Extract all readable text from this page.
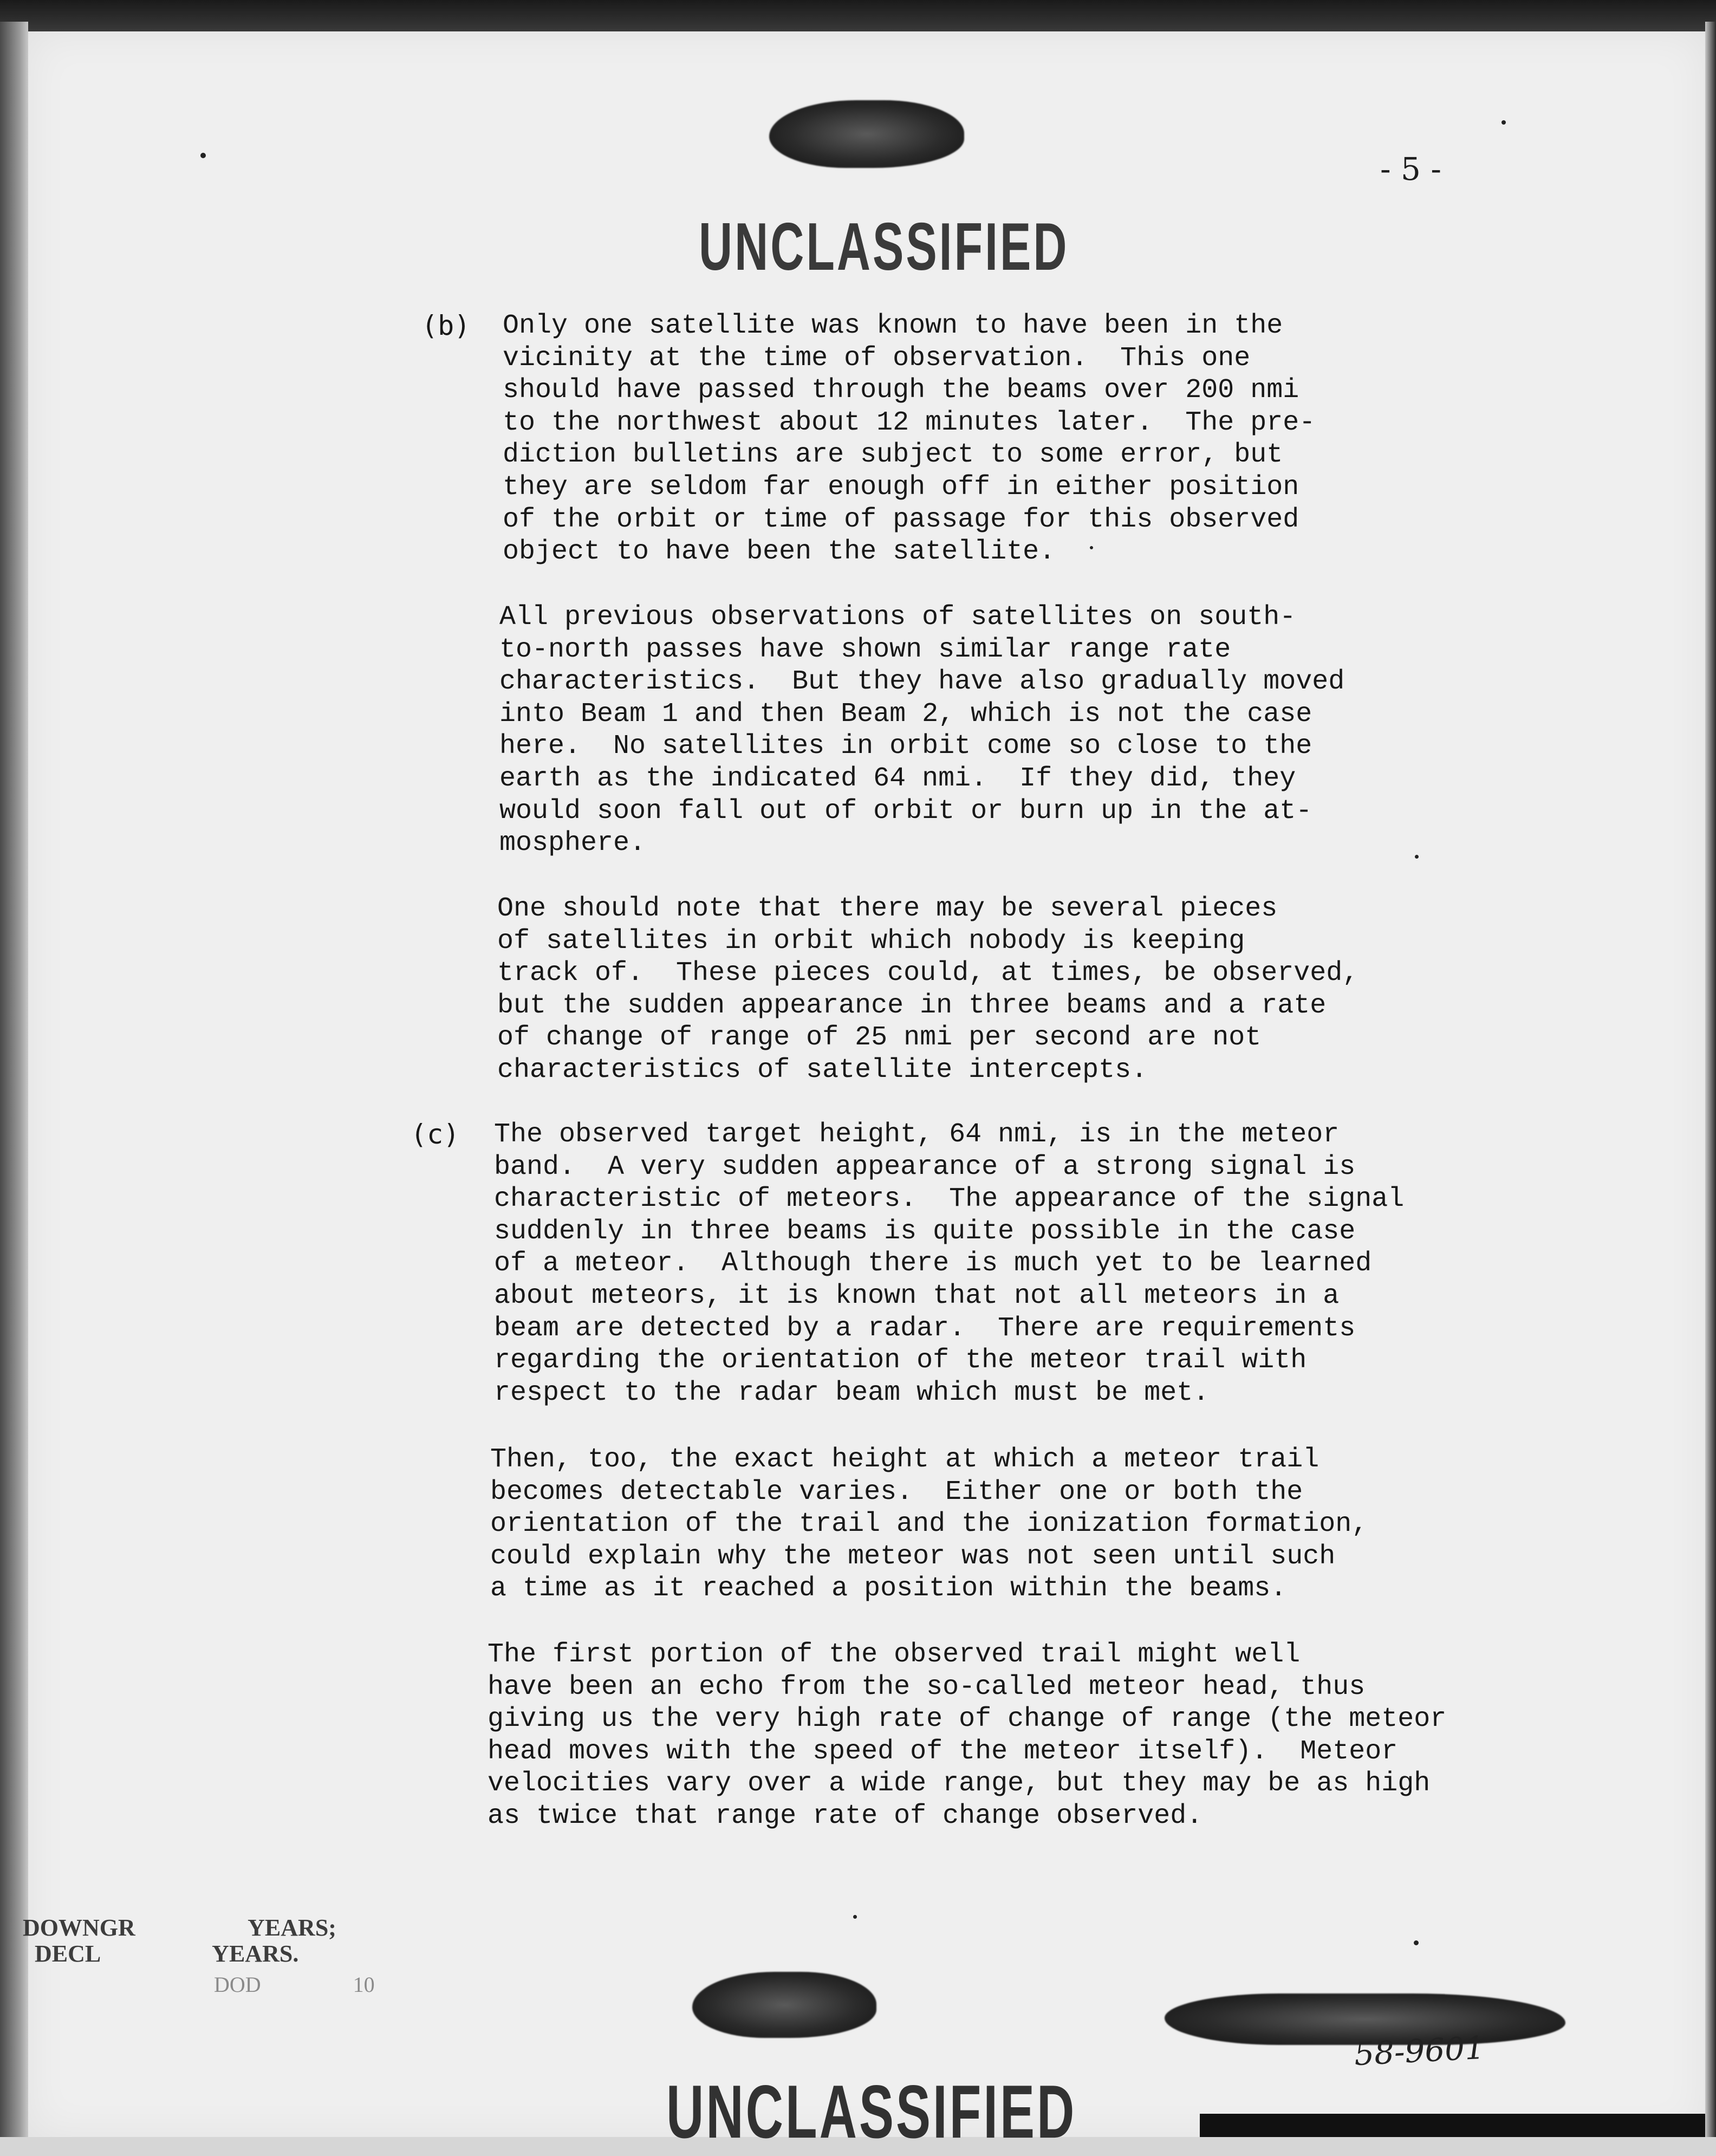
- 5 -
UNCLASSIFIED
(b) Only one satellite was known to have been in the
vicinity at the time of observation.  This one
should have passed through the beams over 200 nmi
to the northwest about 12 minutes later.  The pre-
diction bulletins are subject to some error, but
they are seldom far enough off in either position
of the orbit or time of passage for this observed
object to have been the satellite.
All previous observations of satellites on south-
to-north passes have shown similar range rate
characteristics.  But they have also gradually moved
into Beam 1 and then Beam 2, which is not the case
here.  No satellites in orbit come so close to the
earth as the indicated 64 nmi.  If they did, they
would soon fall out of orbit or burn up in the at-
mosphere.
One should note that there may be several pieces
of satellites in orbit which nobody is keeping
track of.  These pieces could, at times, be observed,
but the sudden appearance in three beams and a rate
of change of range of 25 nmi per second are not
characteristics of satellite intercepts.
(c) The observed target height, 64 nmi, is in the meteor
band.  A very sudden appearance of a strong signal is
characteristic of meteors.  The appearance of the signal
suddenly in three beams is quite possible in the case
of a meteor.  Although there is much yet to be learned
about meteors, it is known that not all meteors in a
beam are detected by a radar.  There are requirements
regarding the orientation of the meteor trail with
respect to the radar beam which must be met.
Then, too, the exact height at which a meteor trail
becomes detectable varies.  Either one or both the
orientation of the trail and the ionization formation,
could explain why the meteor was not seen until such
a time as it reached a position within the beams.
The first portion of the observed trail might well
have been an echo from the so-called meteor head, thus
giving us the very high rate of change of range (the meteor
head moves with the speed of the meteor itself).  Meteor
velocities vary over a wide range, but they may be as high
as twice that range rate of change observed.
DOWNGR                   YEARS;
DECL                   YEARS.
DOD                 10
58-9601
UNCLASSIFIED
